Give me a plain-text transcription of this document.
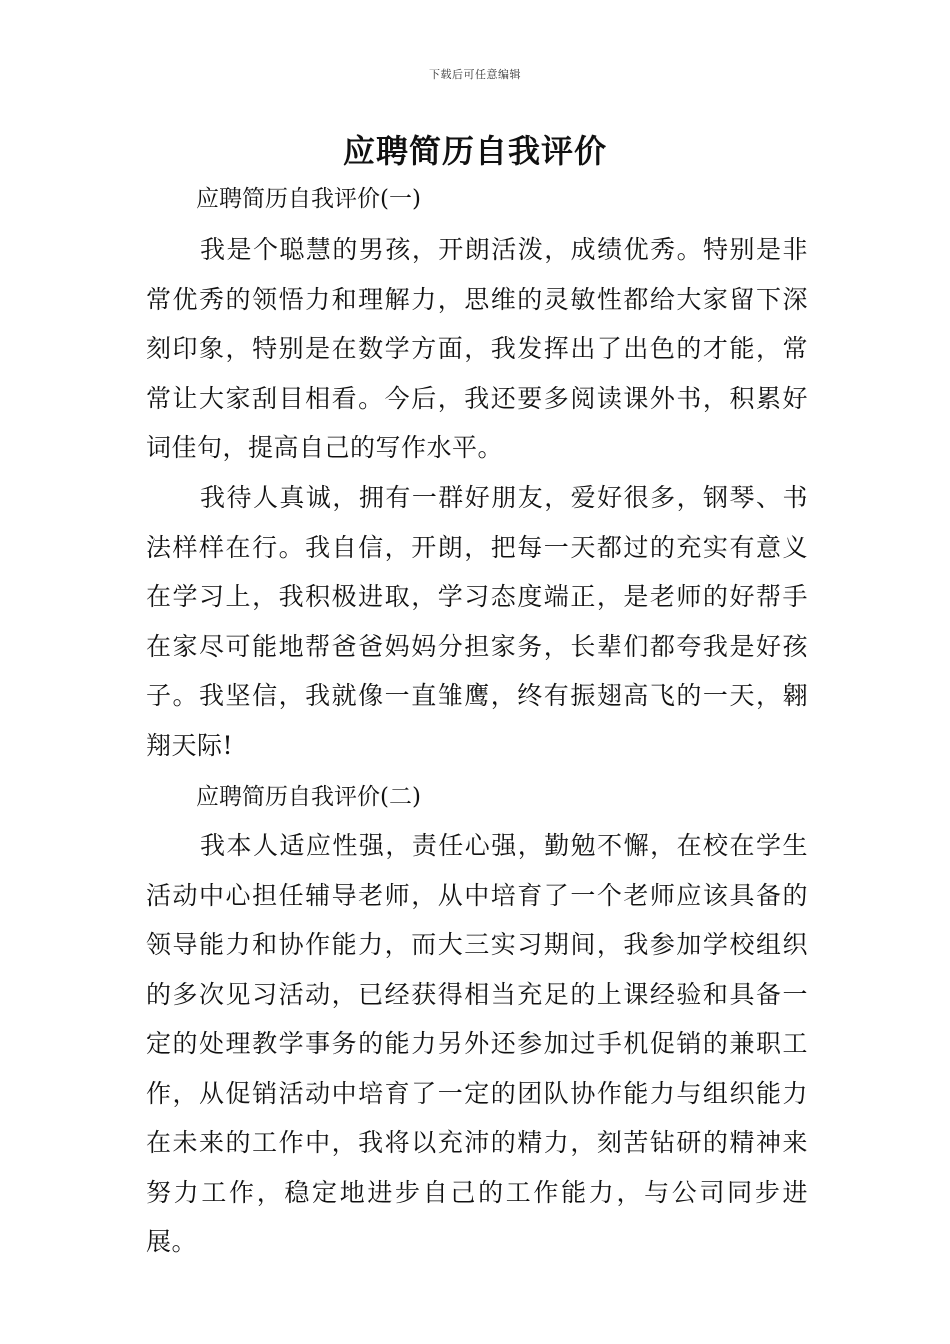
下载后可任意编辑
应聘简历自我评价
应聘简历自我评价(一)

我是个聪慧的男孩，开朗活泼，成绩优秀。特别是非常优秀的领悟力和理解力，思维的灵敏性都给大家留下深刻印象，特别是在数学方面，我发挥出了出色的才能，常常让大家刮目相看。今后，我还要多阅读课外书，积累好词佳句，提高自己的写作水平。

我待人真诚，拥有一群好朋友，爱好很多，钢琴、书法样样在行。我自信，开朗，把每一天都过的充实有意义在学习上，我积极进取，学习态度端正，是老师的好帮手在家尽可能地帮爸爸妈妈分担家务，长辈们都夸我是好孩子。我坚信，我就像一直雏鹰，终有振翅高飞的一天，翱翔天际!

应聘简历自我评价(二)

我本人适应性强，责任心强，勤勉不懈，在校在学生活动中心担任辅导老师，从中培育了一个老师应该具备的领导能力和协作能力，而大三实习期间，我参加学校组织的多次见习活动，已经获得相当充足的上课经验和具备一定的处理教学事务的能力另外还参加过手机促销的兼职工作，从促销活动中培育了一定的团队协作能力与组织能力在未来的工作中，我将以充沛的精力，刻苦钻研的精神来努力工作，稳定地进步自己的工作能力，与公司同步进展。
